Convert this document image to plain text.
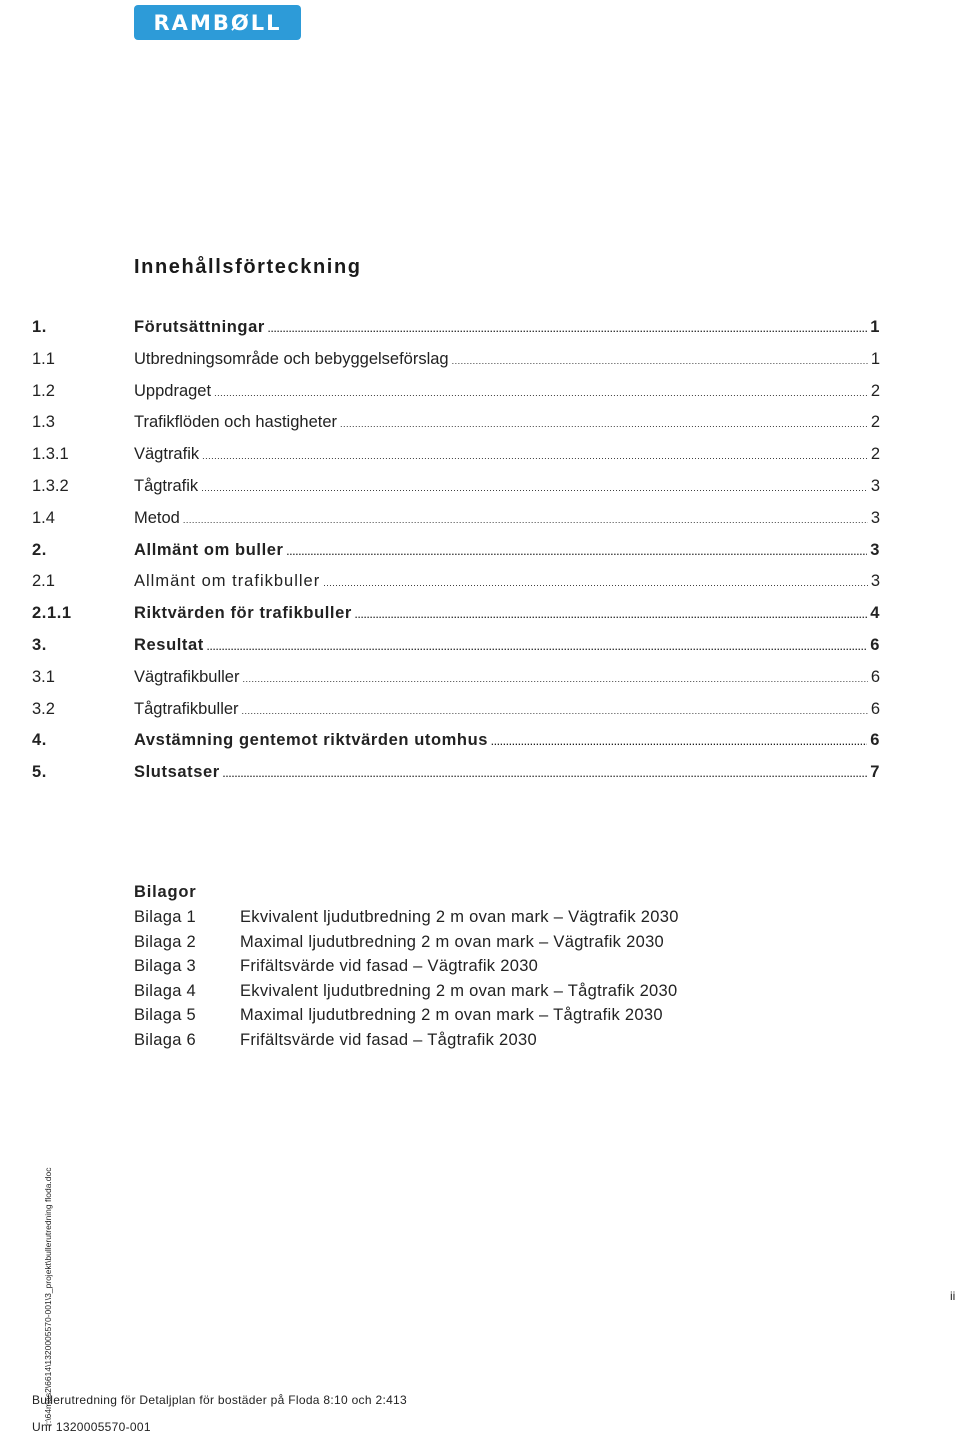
RAMBØLL
Innehållsförteckning
1.	Förutsättningar .....	1
1.1	Utbredningsområde och bebyggelseförslag .....	1
1.2	Uppdraget .....	2
1.3	Trafikflöden och hastigheter .....	2
1.3.1	Vägtrafik .....	2
1.3.2	Tågtrafik .....	3
1.4	Metod .....	3
2.	Allmänt om buller .....	3
2.1	Allmänt om trafikbuller .....	3
2.1.1	Riktvärden för trafikbuller .....	4
3.	Resultat .....	6
3.1	Vägtrafikbuller .....	6
3.2	Tågtrafikbuller .....	6
4.	Avstämning gentemot riktvärden utomhus .....	6
5.	Slutsatser .....	7
Bilagor
Bilaga 1	Ekvivalent ljudutbredning 2 m ovan mark – Vägtrafik 2030
Bilaga 2	Maximal ljudutbredning 2 m ovan mark – Vägtrafik 2030
Bilaga 3	Frifältsvärde vid fasad – Vägtrafik 2030
Bilaga 4	Ekvivalent ljudutbredning 2 m ovan mark – Tågtrafik 2030
Bilaga 5	Maximal ljudutbredning 2 m ovan mark – Tågtrafik 2030
Bilaga 6	Frifältsvärde vid fasad – Tågtrafik 2030
r:\64mas2\6614\1320005570-001\3_projekt\bullerutredning floda.doc	ii
Bullerutredning för Detaljplan för bostäder på Floda 8:10 och 2:413
Unr 1320005570-001
